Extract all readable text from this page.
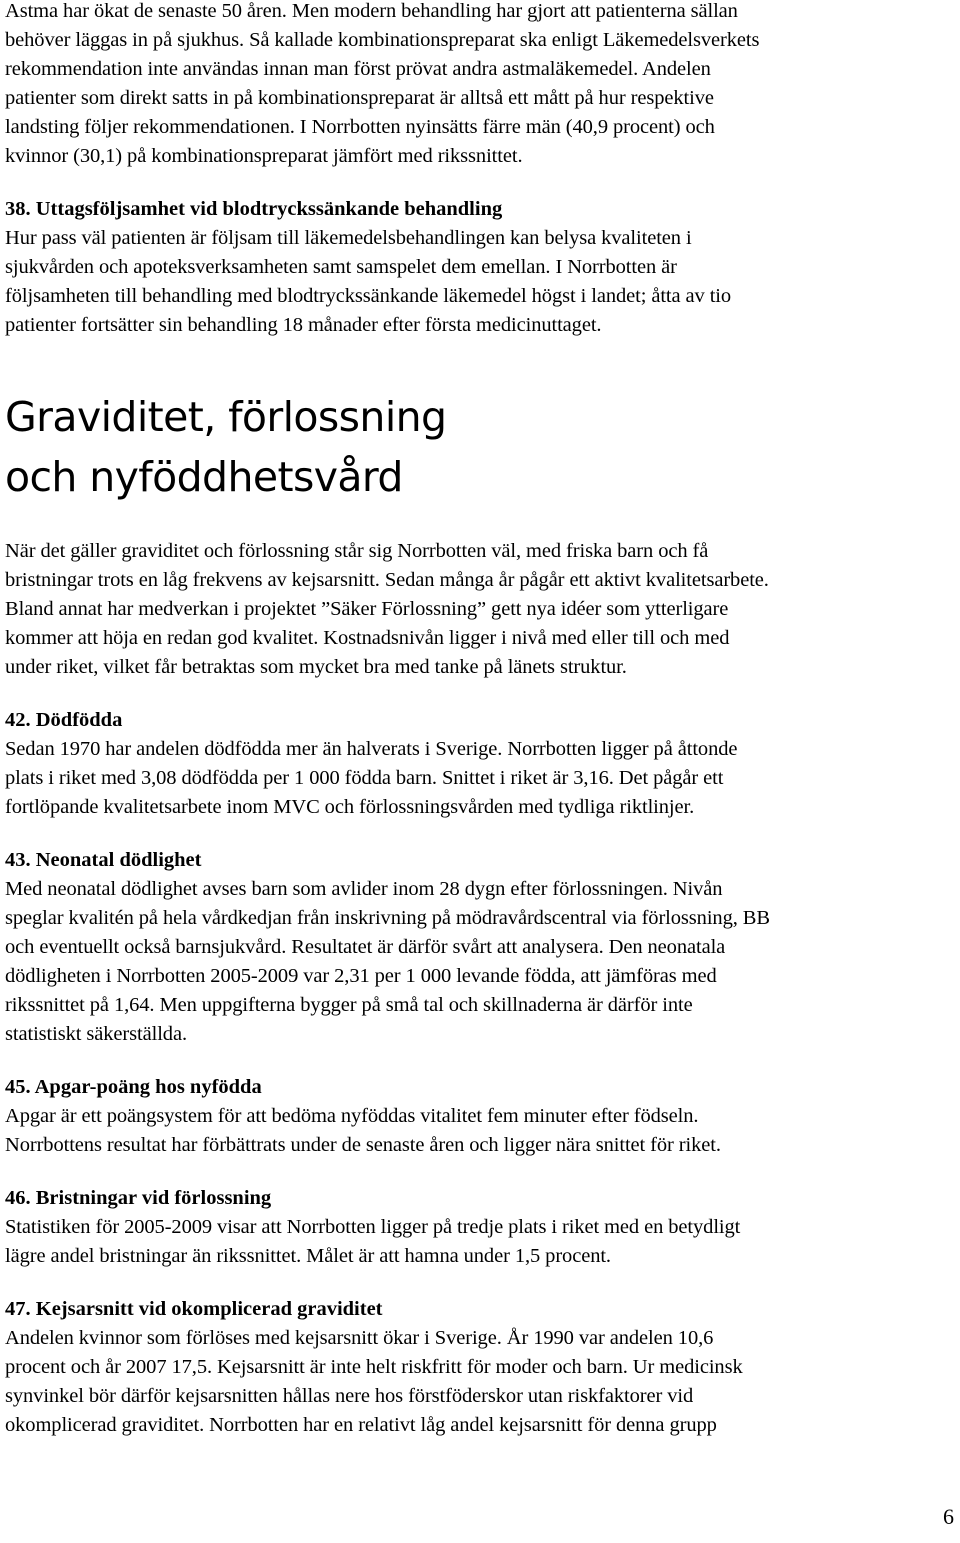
Astma har ökat de senaste 50 åren. Men modern behandling har gjort att patienterna sällan
behöver läggas in på sjukhus. Så kallade kombinationspreparat ska enligt Läkemedelsverkets
rekommendation inte användas innan man först prövat andra astmaläkemedel. Andelen
patienter som direkt satts in på kombinationspreparat är alltså ett mått på hur respektive
landsting följer rekommendationen. I Norrbotten nyinsätts färre män (40,9 procent) och
kvinnor (30,1) på kombinationspreparat jämfört med rikssnittet.

38. Uttagsföljsamhet vid blodtryckssänkande behandling

Hur pass väl patienten är följsam till läkemedelsbehandlingen kan belysa kvaliteten i
sjukvården och apoteksverksamheten samt samspelet dem emellan. I Norrbotten är
följsamheten till behandling med blodtryckssänkande läkemedel högst i landet; åtta av tio
patienter fortsätter sin behandling 18 månader efter första medicinuttaget.

Graviditet, förlossning
och nyföddhetsvård

När det gäller graviditet och förlossning står sig Norrbotten väl, med friska barn och få
bristningar trots en låg frekvens av kejsarsnitt. Sedan många år pågår ett aktivt kvalitetsarbete.
Bland annat har medverkan i projektet ”Säker Förlossning” gett nya idéer som ytterligare
kommer att höja en redan god kvalitet. Kostnadsnivån ligger i nivå med eller till och med
under riket, vilket får betraktas som mycket bra med tanke på länets struktur.

42. Dödfödda

Sedan 1970 har andelen dödfödda mer än halverats i Sverige. Norrbotten ligger på åttonde
plats i riket med 3,08 dödfödda per 1 000 födda barn. Snittet i riket är 3,16. Det pågår ett
fortlöpande kvalitetsarbete inom MVC och förlossningsvården med tydliga riktlinjer.

43. Neonatal dödlighet

Med neonatal dödlighet avses barn som avlider inom 28 dygn efter förlossningen. Nivån
speglar kvalitén på hela vårdkedjan från inskrivning på mödravårdscentral via förlossning, BB
och eventuellt också barnsjukvård. Resultatet är därför svårt att analysera. Den neonatala
dödligheten i Norrbotten 2005-2009 var 2,31 per 1 000 levande födda, att jämföras med
rikssnittet på 1,64. Men uppgifterna bygger på små tal och skillnaderna är därför inte
statistiskt säkerställda.

45. Apgar-poäng hos nyfödda

Apgar är ett poängsystem för att bedöma nyföddas vitalitet fem minuter efter födseln.
Norrbottens resultat har förbättrats under de senaste åren och ligger nära snittet för riket.

46. Bristningar vid förlossning

Statistiken för 2005-2009 visar att Norrbotten ligger på tredje plats i riket med en betydligt
lägre andel bristningar än rikssnittet. Målet är att hamna under 1,5 procent.

47. Kejsarsnitt vid okomplicerad graviditet

Andelen kvinnor som förlöses med kejsarsnitt ökar i Sverige. År 1990 var andelen 10,6
procent och år 2007 17,5. Kejsarsnitt är inte helt riskfritt för moder och barn. Ur medicinsk
synvinkel bör därför kejsarsnitten hållas nere hos förstföderskor utan riskfaktorer vid
okomplicerad graviditet. Norrbotten har en relativt låg andel kejsarsnitt för denna grupp

6
